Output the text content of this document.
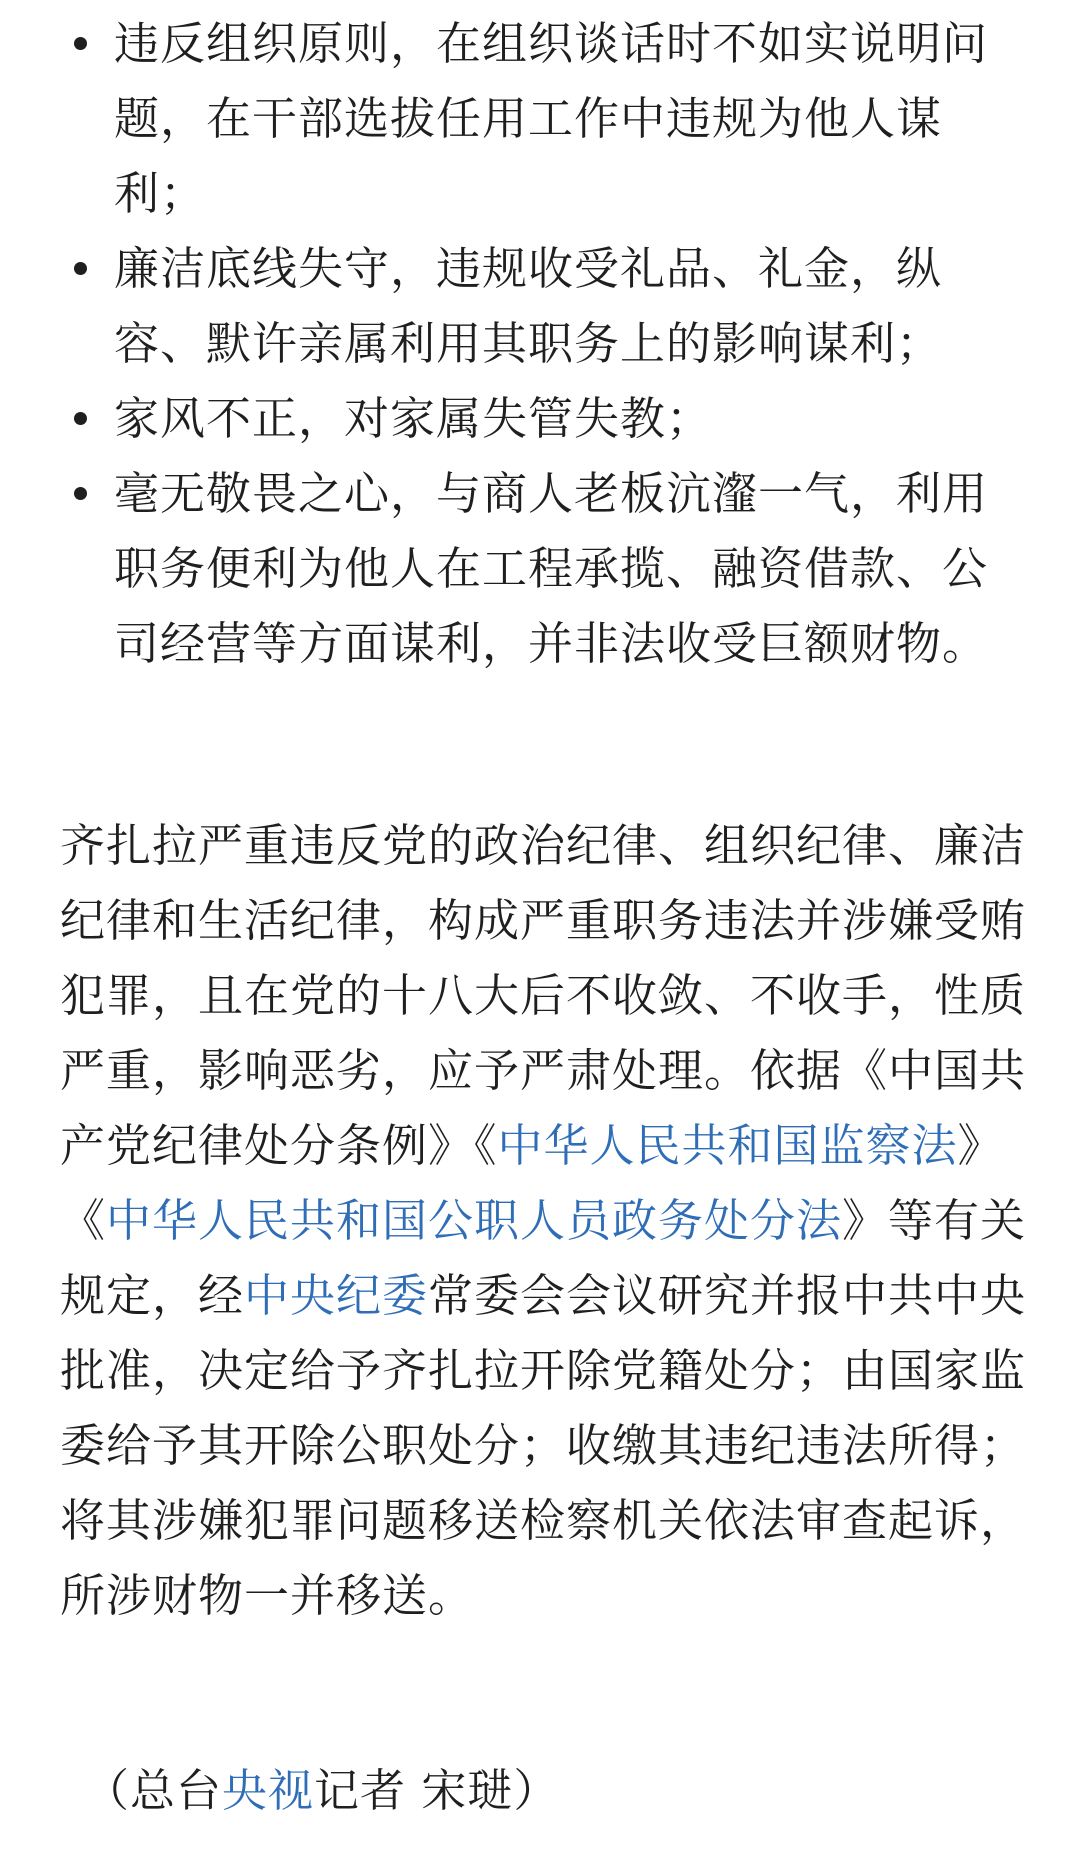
违反组织原则，在组织谈话时不如实说明问题，在干部选拔任用工作中违规为他人谋利；
廉洁底线失守，违规收受礼品、礼金，纵容、默许亲属利用其职务上的影响谋利；
家风不正，对家属失管失教；
毫无敬畏之心，与商人老板沆瀣一气，利用职务便利为他人在工程承揽、融资借款、公司经营等方面谋利，并非法收受巨额财物。

齐扎拉严重违反党的政治纪律、组织纪律、廉洁纪律和生活纪律，构成严重职务违法并涉嫌受贿犯罪，且在党的十八大后不收敛、不收手，性质严重，影响恶劣，应予严肃处理。依据《中国共产党纪律处分条例》《中华人民共和国监察法》《中华人民共和国公职人员政务处分法》等有关规定，经中央纪委常委会会议研究并报中共中央批准，决定给予齐扎拉开除党籍处分；由国家监委给予其开除公职处分；收缴其违纪违法所得；将其涉嫌犯罪问题移送检察机关依法审查起诉，所涉财物一并移送。

（总台央视记者 宋琎）
